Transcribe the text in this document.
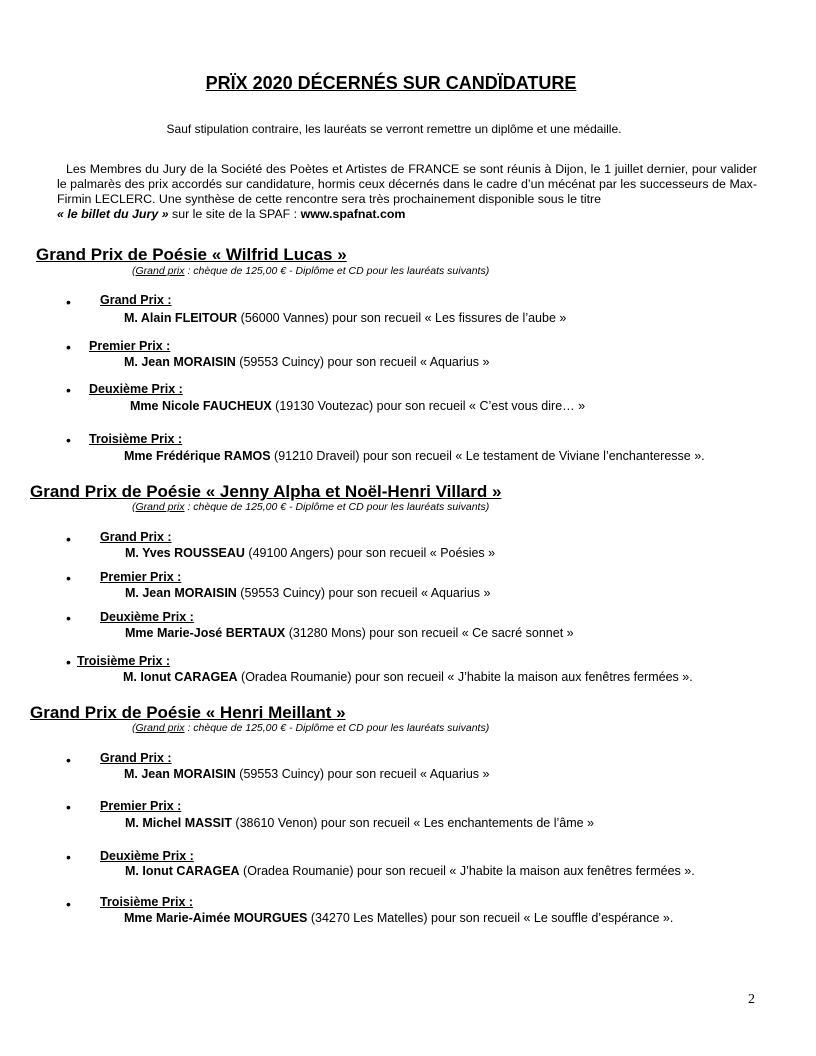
PRÏX 2020 DÉCERNÉS SUR CANDÏDATURE
Sauf stipulation contraire, les lauréats se verront remettre un diplôme et une médaille.
Les Membres du Jury de la Société des Poètes et Artistes de FRANCE se sont réunis à Dijon, le 1 juillet dernier, pour valider le palmarès des prix accordés sur candidature, hormis ceux décernés dans le cadre d’un mécénat par les successeurs de Max-Firmin LECLERC. Une synthèse de cette rencontre sera très prochainement disponible sous le titre
« le billet du Jury » sur le site de la SPAF : www.spafnat.com
Grand Prix de Poésie « Wilfrid Lucas »
(Grand prix : chèque de 125,00 € - Diplôme et CD pour les lauréats suivants)
• Grand Prix :
M. Alain FLEITOUR (56000 Vannes) pour son recueil « Les fissures de l’aube »
• Premier Prix :
M. Jean MORAISIN (59553 Cuincy) pour son recueil « Aquarius »
• Deuxième Prix :
Mme Nicole FAUCHEUX (19130 Voutezac) pour son recueil « C’est vous dire… »
• Troisième Prix :
Mme Frédérique RAMOS (91210 Draveil) pour son recueil « Le testament de Viviane l’enchanteresse ».
Grand Prix de Poésie « Jenny Alpha et Noël-Henri Villard »
(Grand prix : chèque de 125,00 € - Diplôme et CD pour les lauréats suivants)
• Grand Prix :
M. Yves ROUSSEAU (49100 Angers) pour son recueil « Poésies »
• Premier Prix :
M. Jean MORAISIN (59553 Cuincy) pour son recueil « Aquarius »
• Deuxième Prix :
Mme Marie-José BERTAUX (31280 Mons) pour son recueil « Ce sacré sonnet »
• Troisième Prix :
M. Ionut CARAGEA (Oradea Roumanie) pour son recueil « J’habite la maison aux fenêtres fermées ».
Grand Prix de Poésie « Henri Meillant »
(Grand prix : chèque de 125,00 € - Diplôme et CD pour les lauréats suivants)
• Grand Prix :
M. Jean MORAISIN (59553 Cuincy) pour son recueil « Aquarius »
• Premier Prix :
M. Michel MASSIT (38610 Venon) pour son recueil « Les enchantements de l’âme »
• Deuxième Prix :
M. Ionut CARAGEA (Oradea Roumanie) pour son recueil « J’habite la maison aux fenêtres fermées ».
• Troisième Prix :
Mme Marie-Aimée MOURGUES (34270 Les Matelles) pour son recueil « Le souffle d’espérance ».
2
